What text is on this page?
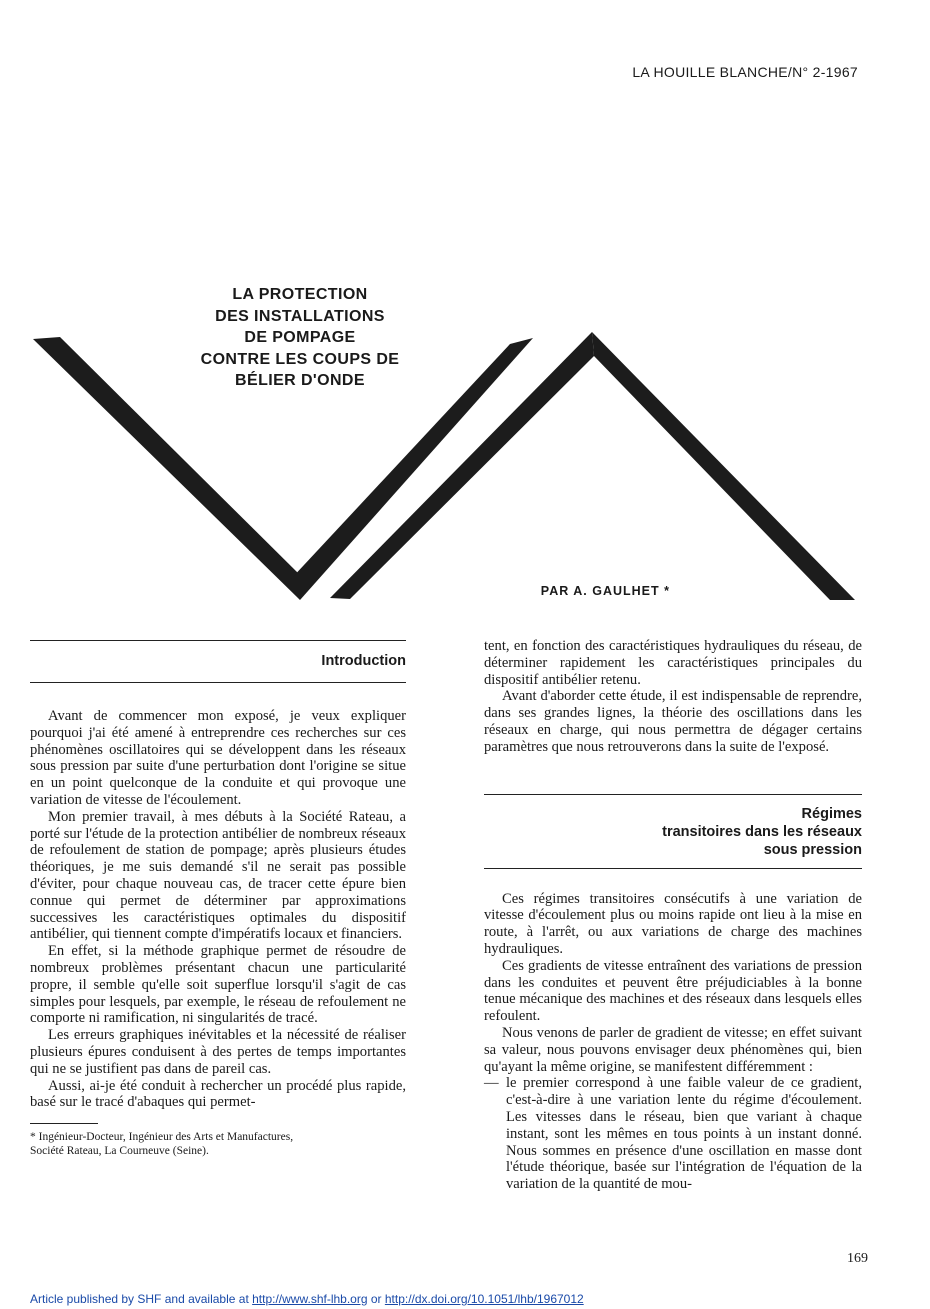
LA HOUILLE BLANCHE/N° 2-1967
LA PROTECTION
DES INSTALLATIONS
DE POMPAGE
CONTRE LES COUPS DE
BÉLIER D'ONDE
PAR A. GAULHET *
Introduction

Avant de commencer mon exposé, je veux expliquer pourquoi j'ai été amené à entreprendre ces recherches sur ces phénomènes oscillatoires qui se développent dans les réseaux sous pression par suite d'une perturbation dont l'origine se situe en un point quelconque de la conduite et qui provoque une variation de vitesse de l'écoulement.

Mon premier travail, à mes débuts à la Société Rateau, a porté sur l'étude de la protection antibélier de nombreux réseaux de refoulement de station de pompage; après plusieurs études théoriques, je me suis demandé s'il ne serait pas possible d'éviter, pour chaque nouveau cas, de tracer cette épure bien connue qui permet de déterminer par approximations successives les caractéristiques optimales du dispositif antibélier, qui tiennent compte d'impératifs locaux et financiers.

En effet, si la méthode graphique permet de résoudre de nombreux problèmes présentant chacun une particularité propre, il semble qu'elle soit superflue lorsqu'il s'agit de cas simples pour lesquels, par exemple, le réseau de refoulement ne comporte ni ramification, ni singularités de tracé.

Les erreurs graphiques inévitables et la nécessité de réaliser plusieurs épures conduisent à des pertes de temps importantes qui ne se justifient pas dans de pareil cas.

Aussi, ai-je été conduit à rechercher un procédé plus rapide, basé sur le tracé d'abaques qui permet-

* Ingénieur-Docteur, Ingénieur des Arts et Manufactures,
Société Rateau, La Courneuve (Seine).

tent, en fonction des caractéristiques hydrauliques du réseau, de déterminer rapidement les caractéristiques principales du dispositif antibélier retenu.

Avant d'aborder cette étude, il est indispensable de reprendre, dans ses grandes lignes, la théorie des oscillations dans les réseaux en charge, qui nous permettra de dégager certains paramètres que nous retrouverons dans la suite de l'exposé.

Régimes
transitoires dans les réseaux
sous pression

Ces régimes transitoires consécutifs à une variation de vitesse d'écoulement plus ou moins rapide ont lieu à la mise en route, à l'arrêt, ou aux variations de charge des machines hydrauliques.

Ces gradients de vitesse entraînent des variations de pression dans les conduites et peuvent être préjudiciables à la bonne tenue mécanique des machines et des réseaux dans lesquels elles refoulent.

Nous venons de parler de gradient de vitesse; en effet suivant sa valeur, nous pouvons envisager deux phénomènes qui, bien qu'ayant la même origine, se manifestent différemment :

— le premier correspond à une faible valeur de ce gradient, c'est-à-dire à une variation lente du régime d'écoulement. Les vitesses dans le réseau, bien que variant à chaque instant, sont les mêmes en tous points à un instant donné. Nous sommes en présence d'une oscillation en masse dont l'étude théorique, basée sur l'intégration de l'équation de la variation de la quantité de mou-
169
Article published by SHF and available at http://www.shf-lhb.org or http://dx.doi.org/10.1051/lhb/1967012
